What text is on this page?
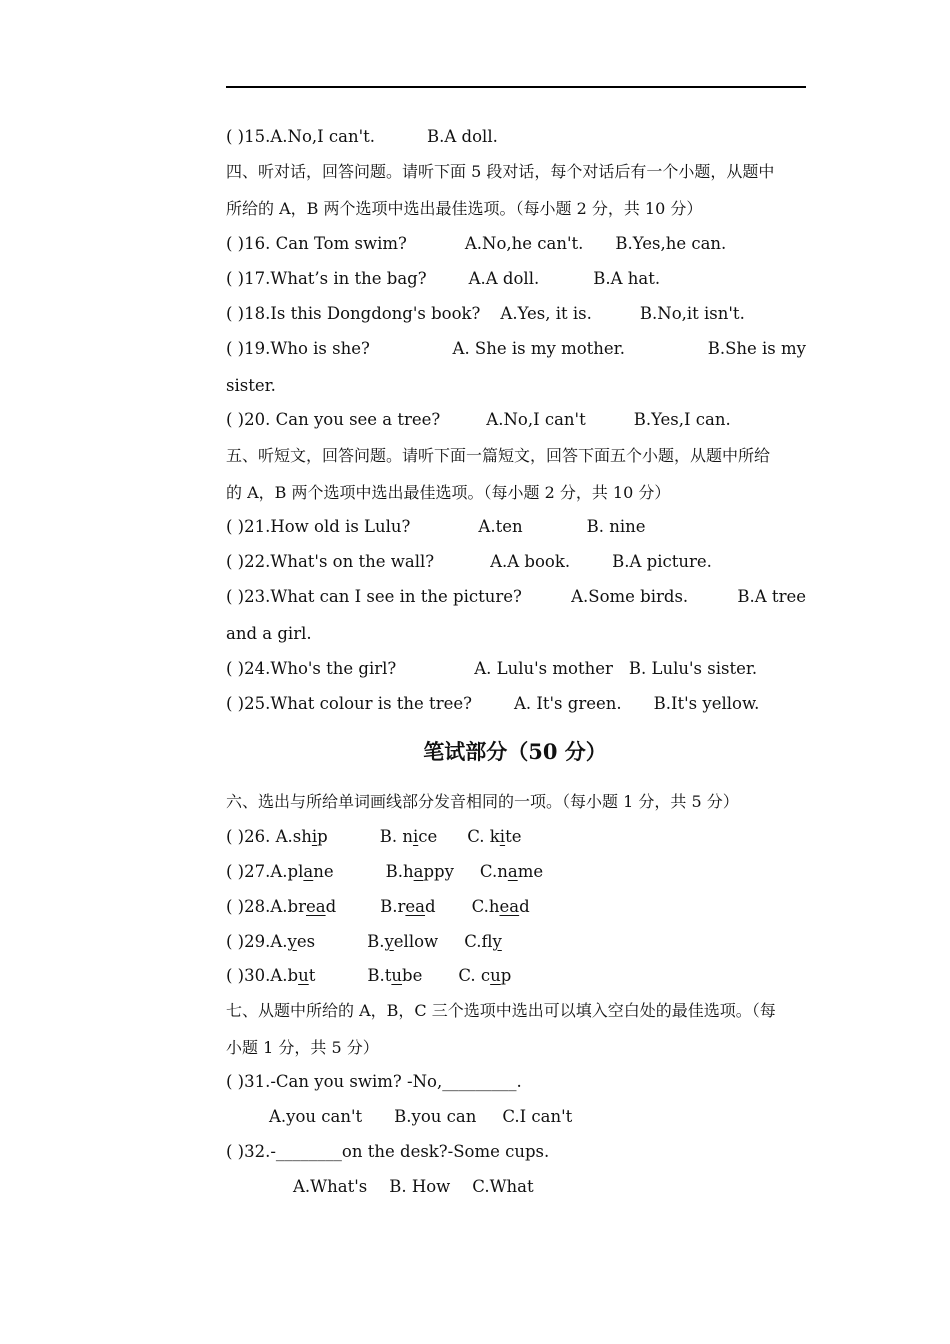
( )15.A.No,I can't.	B.A doll.
四、听对话，回答问题。请听下面 5 段对话，每个对话后有一个小题，从题中
所给的 A，B 两个选项中选出最佳选项。（每小题 2 分，共 10 分）
( )16. Can Tom swim?	A.No,he can't. B.Yes,he can.
( )17.What’s in the bag?	A.A doll.	B.A hat.
( )18.Is this Dongdong's book? A.Yes, it is.	B.No,it isn't.
( )19.Who is she?	A. She is my mother.	B.She is my
sister.
( )20. Can you see a tree?	A.No,I can't	B.Yes,I can.
五、听短文，回答问题。请听下面一篇短文，回答下面五个小题，从题中所给
的 A，B 两个选项中选出最佳选项。（每小题 2 分，共 10 分）
( )21.How old is Lulu?	A.ten	B. nine
( )22.What's on the wall?	A.A book.	B.A picture.
( )23.What can I see in the picture?	A.Some birds.	B.A tree
and a girl.
( )24.Who's the girl?	A. Lulu's mother B. Lulu's sister.
( )25.What colour is the tree?	A. It's green. B.It's yellow.
笔试部分（50 分）
六、选出与所给单词画线部分发音相同的一项。（每小题 1 分，共 5 分）
( )26. A.ship	B. nice C. kite
( )27.A.plane	B.happy C.name
( )28.A.bread	B.read C.head
( )29.A.yes	B.yellow C.fly
( )30.A.but	B.tube C. cup
七、从题中所给的 A，B，C 三个选项中选出可以填入空白处的最佳选项。（每
小题 1 分，共 5 分）
( )31.-Can you swim? -No,_________.
A.you can't B.you can C.I can't
( )32.-________on the desk?-Some cups.
A.What's B. How C.What
